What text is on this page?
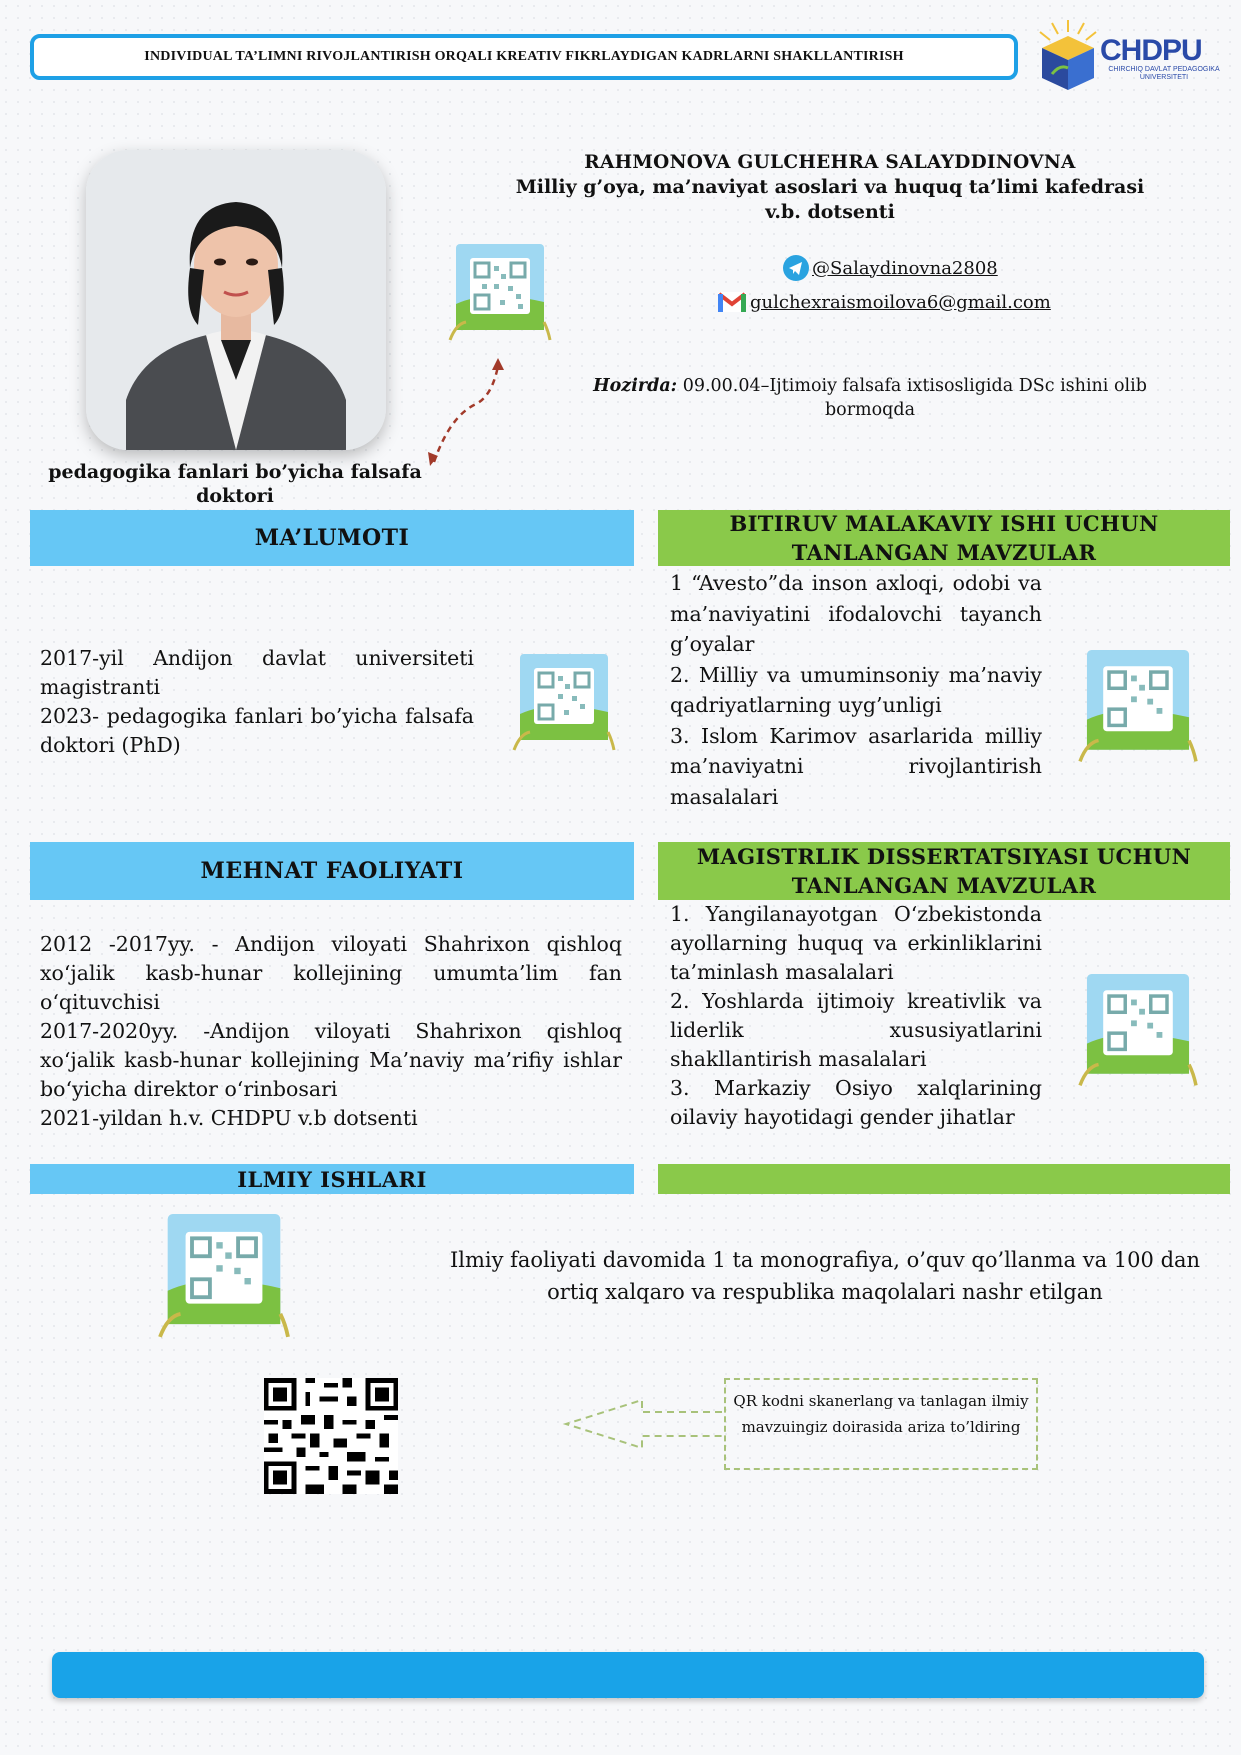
INDIVIDUAL TA’LIMNI RIVOJLANTIRISH ORQALI KREATIV FIKRLAYDIGAN KADRLARNI SHAKLLANTIRISH	CHDPU
CHIRCHIQ DAVLAT PEDAGOGIKA UNIVERSITETI
pedagogika fanlari bo’yicha falsafa doktori
RAHMONOVA GULCHEHRA SALAYDDINOVNA
Milliy g’oya, ma’naviyat asoslari va huquq ta’limi kafedrasi
v.b. dotsenti
@Salaydinovna2808
gulchexraismoilova6@gmail.com
Hozirda: 09.00.04–Ijtimoiy falsafa ixtisosligida DSc ishini olib bormoqda
MA’LUMOTI

2017-yil Andijon davlat universiteti magistranti

2023- pedagogika fanlari bo’yicha falsafa doktori (PhD)

BITIRUV MALAKAVIY ISHI UCHUN TANLANGAN MAVZULAR

1 “Avesto”da inson axloqi, odobi va ma’naviyatini ifodalovchi tayanch g’oyalar

2. Milliy va umuminsoniy ma’naviy qadriyatlarning uyg’unligi

3. Islom Karimov asarlarida milliy ma’naviyatni rivojlantirish masalalari

MEHNAT FAOLIYATI

2012 -2017yy. - Andijon viloyati Shahrixon qishloq xo‘jalik kasb-hunar kollejining umumta’lim fan o‘qituvchisi

2017-2020yy. -Andijon viloyati Shahrixon qishloq xo‘jalik kasb-hunar kollejining Ma’naviy ma’rifiy ishlar bo‘yicha direktor o‘rinbosari

2021-yildan h.v. CHDPU v.b dotsenti

MAGISTRLIK DISSERTATSIYASI UCHUN TANLANGAN MAVZULAR

1. Yangilanayotgan O‘zbekistonda ayollarning huquq va erkinliklarini ta’minlash masalalari

2. Yoshlarda ijtimoiy kreativlik va liderlik xususiyatlarini shakllantirish masalalari

3. Markaziy Osiyo xalqlarining oilaviy hayotidagi gender jihatlar

ILMIY ISHLARI
Ilmiy faoliyati davomida 1 ta monografiya, o’quv qo’llanma va 100 dan ortiq xalqaro va respublika maqolalari nashr etilgan
QR kodni skanerlang va tanlagan ilmiy mavzuingiz doirasida ariza to’ldiring
